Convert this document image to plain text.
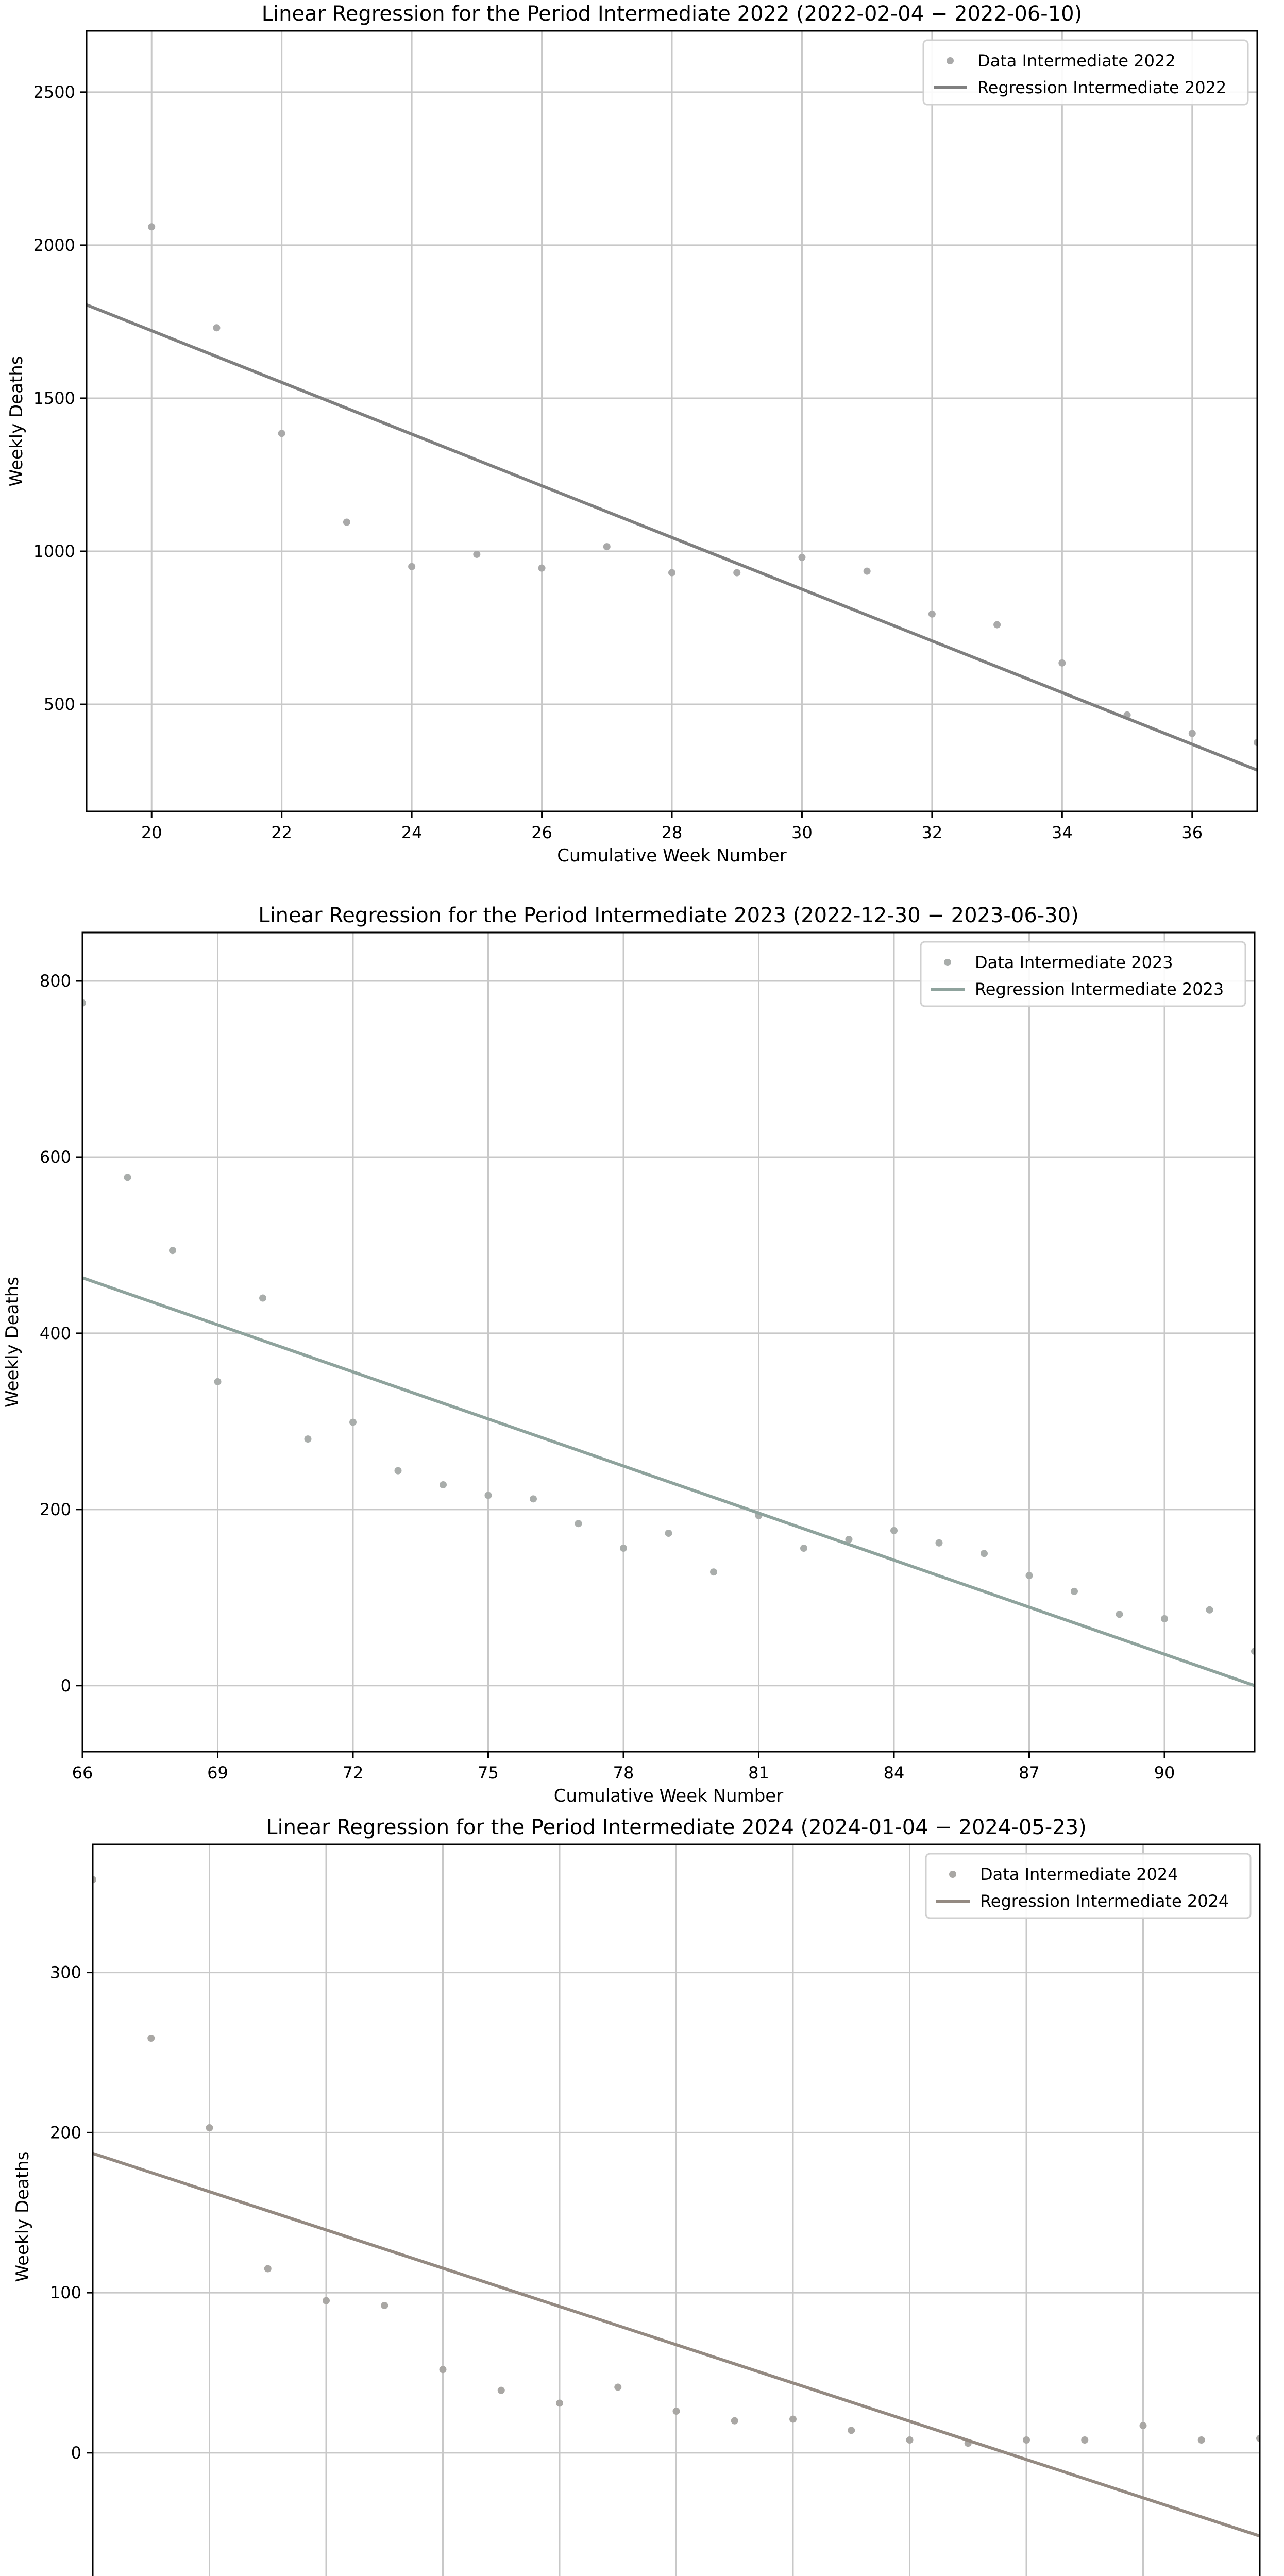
20	22	24	26	28	30	32	34	36
500
1000
1500
2000
2500
Linear Regression for the Period Intermediate 2022 (2022-02-04 − 2022-06-10)
Cumulative Week Number
Weekly Deaths
Data Intermediate 2022
Regression Intermediate 2022
66	69	72	75	78	81	84	87	90
0
200
400
600
800
Linear Regression for the Period Intermediate 2023 (2022-12-30 − 2023-06-30)
Cumulative Week Number
Weekly Deaths
Data Intermediate 2023
Regression Intermediate 2023
0
100
200
300
Linear Regression for the Period Intermediate 2024 (2024-01-04 − 2024-05-23)
Weekly Deaths
Data Intermediate 2024
Regression Intermediate 2024
